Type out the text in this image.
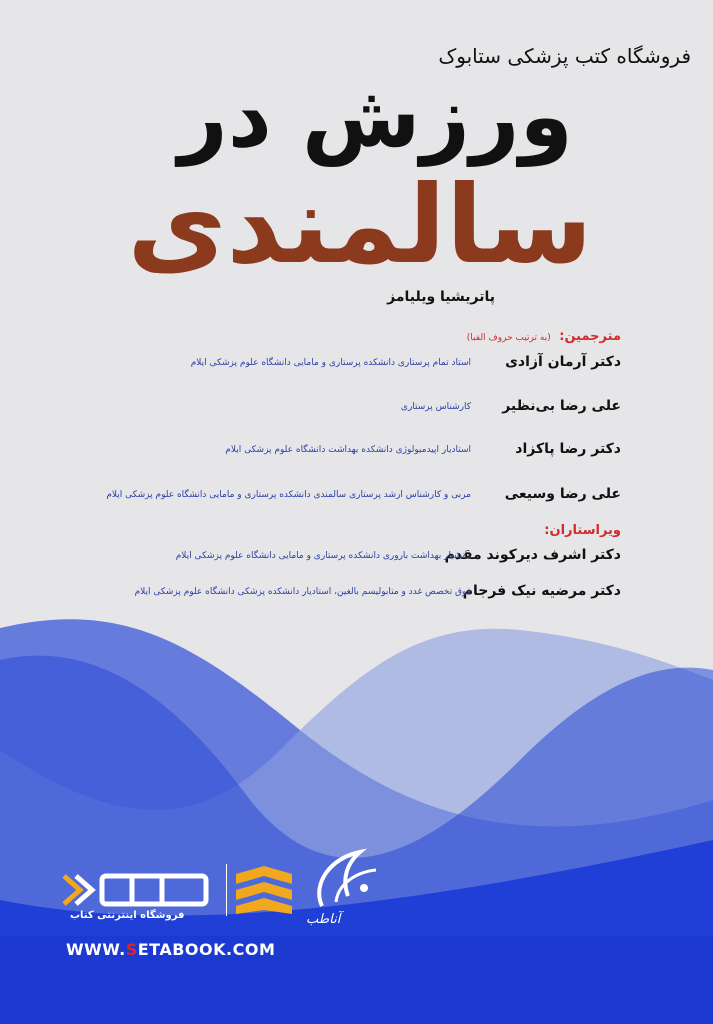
فروشگاه کتب پزشکی ستابوک
ورزش در
سالمندی
پاتریشیا ویلیامز
مترجمین: (به ترتیب حروف الفبا)
دکتر آرمان آزادی
استاد تمام پرستاری دانشکده پرستاری و مامایی دانشگاه علوم پزشکی ایلام
علی رضا بی‌نظیر
کارشناس پرستاری
دکتر رضا پاکزاد
استادیار اپیدمیولوژی دانشکده بهداشت دانشگاه علوم پزشکی ایلام
علی رضا وسیعی
مربی و کارشناس ارشد پرستاری سالمندی دانشکده پرستاری و مامایی دانشگاه علوم پزشکی ایلام
ویراستاران:
دکتر اشرف دیرکوند مقدم
دانشیار بهداشت باروری دانشکده پرستاری و مامایی دانشگاه علوم پزشکی ایلام
دکتر مرضیه نیک فرجام
فوق تخصص غدد و متابولیسم بالغین، استادیار دانشکده پزشکی دانشگاه علوم پزشکی ایلام
فروشگاه اینترنتی کتاب
WWW.SETABOOK.COM
آناطب
